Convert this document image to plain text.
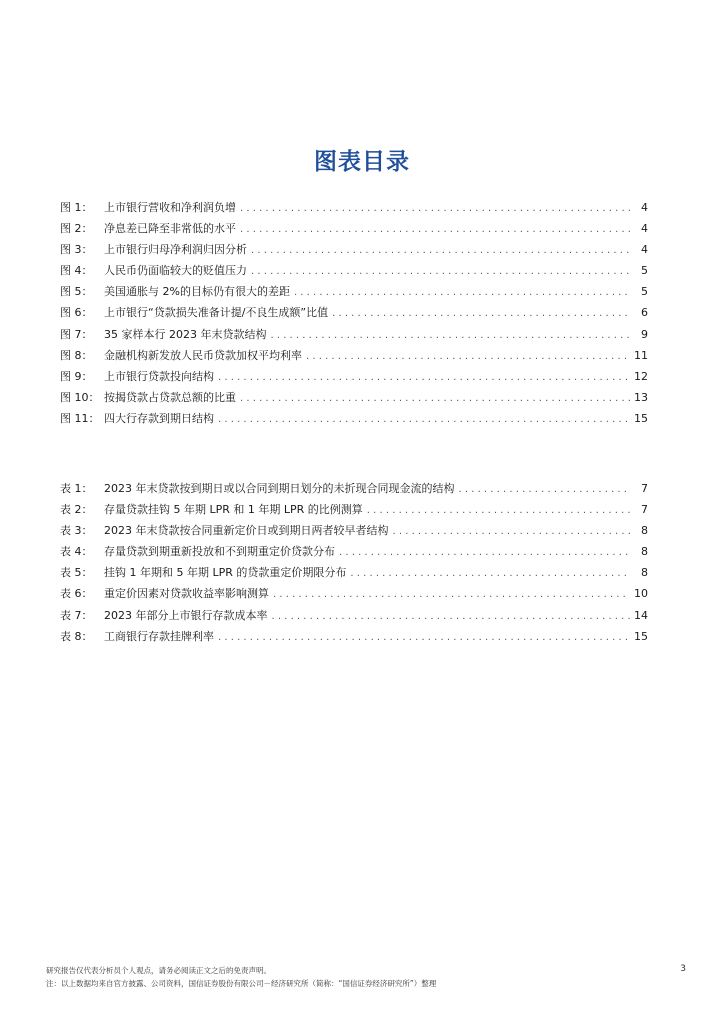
图表目录
图 1：	上市银行营收和净利润负增 . . .	4
图 2：	净息差已降至非常低的水平 . . .	4
图 3：	上市银行归母净利润归因分析 . . .	4
图 4：	人民币仍面临较大的贬值压力 . . .	5
图 5：	美国通胀与 2%的目标仍有很大的差距 . . .	5
图 6：	上市银行“贷款损失准备计提/不良生成额”比值 . . .	6
图 7：	35 家样本行 2023 年末贷款结构 . . .	9
图 8：	金融机构新发放人民币贷款加权平均利率 . . .	11
图 9：	上市银行贷款投向结构 . . .	12
图 10： 按揭贷款占贷款总额的比重 . . .	13
图 11： 四大行存款到期日结构 . . .	15
表 1：	2023 年末贷款按到期日或以合同到期日划分的未折现合同现金流的结构 . . .	7
表 2：	存量贷款挂钩 5 年期 LPR 和 1 年期 LPR 的比例测算 . . .	7
表 3：	2023 年末贷款按合同重新定价日或到期日两者较早者结构 . . .	8
表 4：	存量贷款到期重新投放和不到期重定价贷款分布 . . .	8
表 5：	挂钩 1 年期和 5 年期 LPR 的贷款重定价期限分布 . . .	8
表 6：	重定价因素对贷款收益率影响测算 . . .	10
表 7：	2023 年部分上市银行存款成本率 . . .	14
表 8：	工商银行存款挂牌利率 . . .	15
研究报告仅代表分析员个人观点，请务必阅读正文之后的免责声明。
注：以上数据均来自官方披露、公司资料，国信证券股份有限公司－经济研究所（简称：“国信证券经济研究所”）整理
3
